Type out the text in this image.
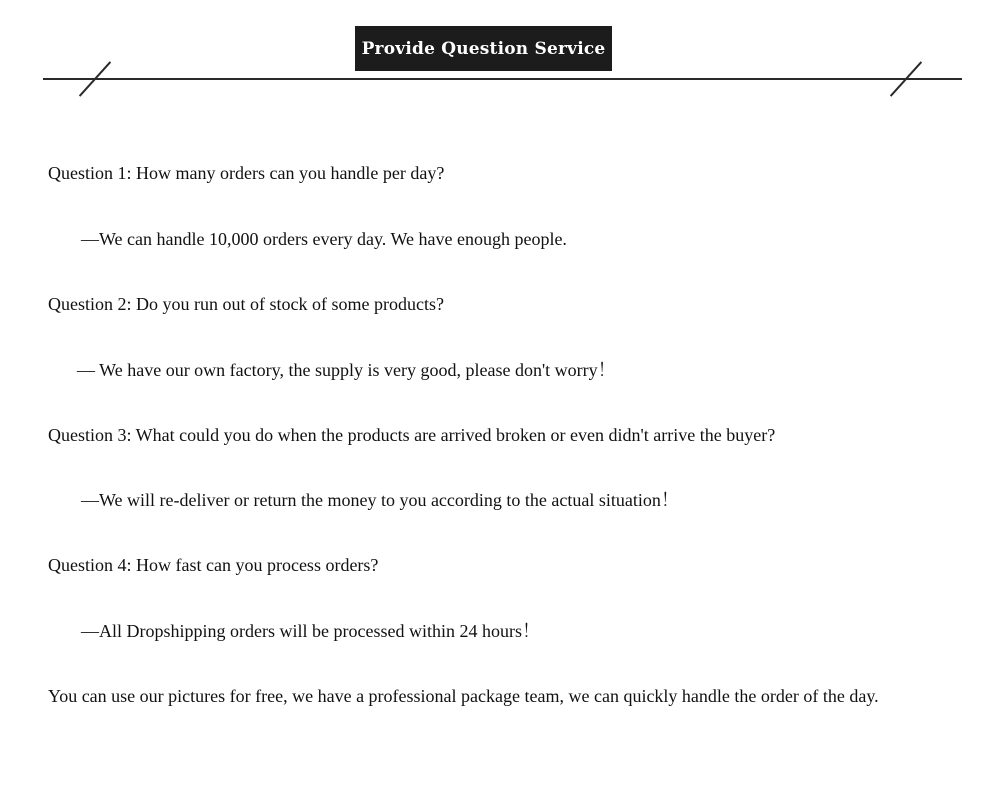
Provide Question Service
Question 1: How many orders can you handle per day?
—We can handle 10,000 orders every day. We have enough people.
Question 2: Do you run out of stock of some products?
— We have our own factory, the supply is very good, please don't worry！
Question 3: What could you do when the products are arrived broken or even didn't arrive the buyer?
—We will re-deliver or return the money to you according to the actual situation！
Question 4: How fast can you process orders?
—All Dropshipping orders will be processed within 24 hours！
You can use our pictures for free, we have a professional package team, we can quickly handle the order of the day.
